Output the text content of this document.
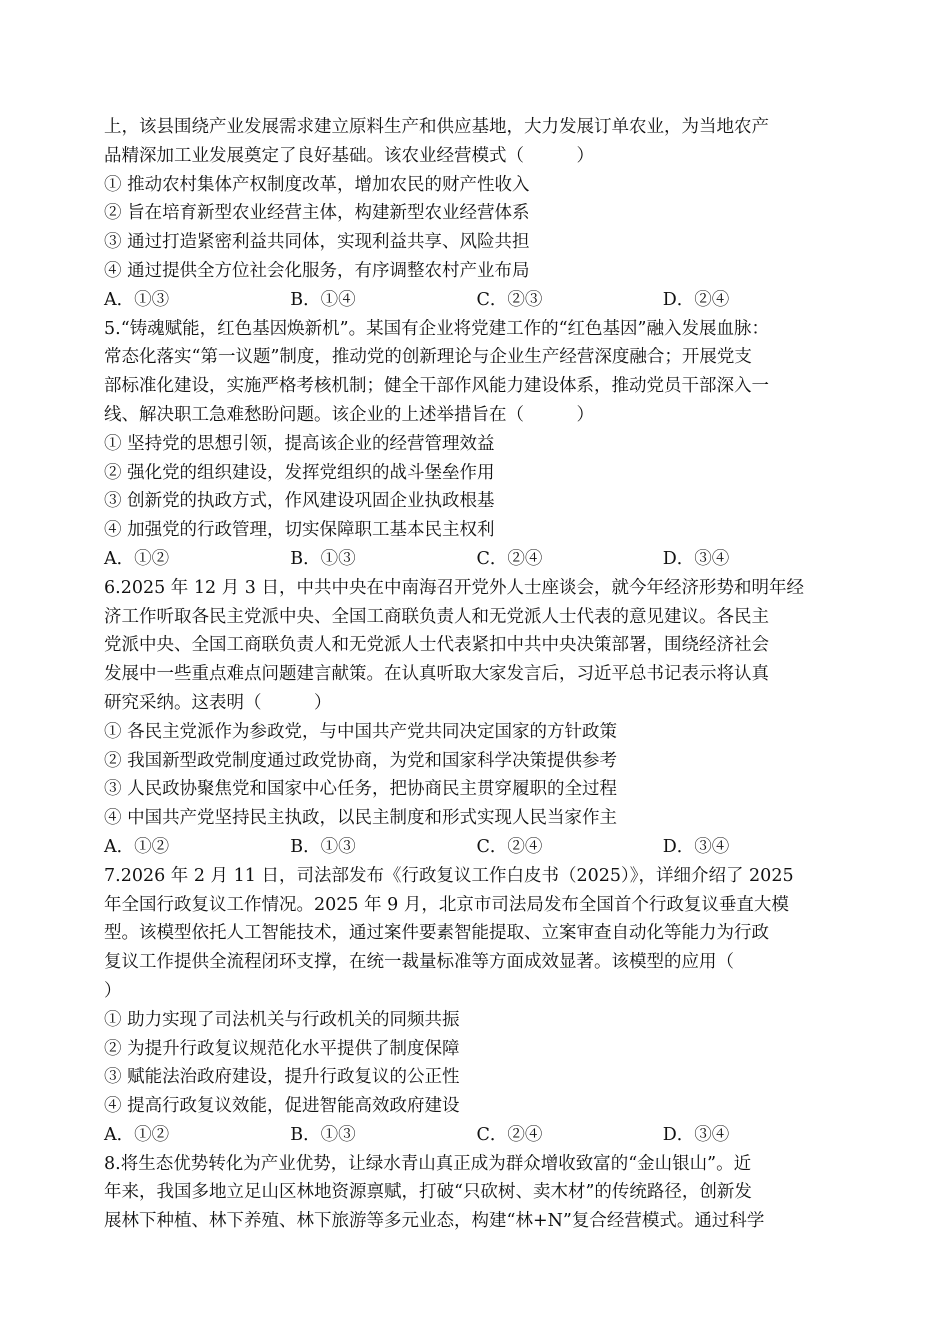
上，该县围绕产业发展需求建立原料生产和供应基地，大力发展订单农业，为当地农产
品精深加工业发展奠定了良好基础。该农业经营模式（　　　）
① 推动农村集体产权制度改革，增加农民的财产性收入
② 旨在培育新型农业经营主体，构建新型农业经营体系
③ 通过打造紧密利益共同体，实现利益共享、风险共担
④ 通过提供全方位社会化服务，有序调整农村产业布局
A．①③	B．①④	C．②③	D．②④
5.“铸魂赋能，红色基因焕新机”。某国有企业将党建工作的“红色基因”融入发展血脉：
常态化落实“第一议题”制度，推动党的创新理论与企业生产经营深度融合；开展党支
部标准化建设，实施严格考核机制；健全干部作风能力建设体系，推动党员干部深入一
线、解决职工急难愁盼问题。该企业的上述举措旨在（　　　）
① 坚持党的思想引领，提高该企业的经营管理效益
② 强化党的组织建设，发挥党组织的战斗堡垒作用
③ 创新党的执政方式，作风建设巩固企业执政根基
④ 加强党的行政管理，切实保障职工基本民主权利
A．①②	B．①③	C．②④	D．③④
6.2025 年 12 月 3 日，中共中央在中南海召开党外人士座谈会，就今年经济形势和明年经
济工作听取各民主党派中央、全国工商联负责人和无党派人士代表的意见建议。各民主
党派中央、全国工商联负责人和无党派人士代表紧扣中共中央决策部署，围绕经济社会
发展中一些重点难点问题建言献策。在认真听取大家发言后，习近平总书记表示将认真
研究采纳。这表明（　　　）
① 各民主党派作为参政党，与中国共产党共同决定国家的方针政策
② 我国新型政党制度通过政党协商，为党和国家科学决策提供参考
③ 人民政协聚焦党和国家中心任务，把协商民主贯穿履职的全过程
④ 中国共产党坚持民主执政，以民主制度和形式实现人民当家作主
A．①②	B．①③	C．②④	D．③④
7.2026 年 2 月 11 日，司法部发布《行政复议工作白皮书（2025）》，详细介绍了 2025
年全国行政复议工作情况。2025 年 9 月，北京市司法局发布全国首个行政复议垂直大模
型。该模型依托人工智能技术，通过案件要素智能提取、立案审查自动化等能力为行政
复议工作提供全流程闭环支撑，在统一裁量标准等方面成效显著。该模型的应用（
）
① 助力实现了司法机关与行政机关的同频共振
② 为提升行政复议规范化水平提供了制度保障
③ 赋能法治政府建设，提升行政复议的公正性
④ 提高行政复议效能，促进智能高效政府建设
A．①②	B．①③	C．②④	D．③④
8.将生态优势转化为产业优势，让绿水青山真正成为群众增收致富的“金山银山”。近
年来，我国多地立足山区林地资源禀赋，打破“只砍树、卖木材”的传统路径，创新发
展林下种植、林下养殖、林下旅游等多元业态，构建“林+N”复合经营模式。通过科学
